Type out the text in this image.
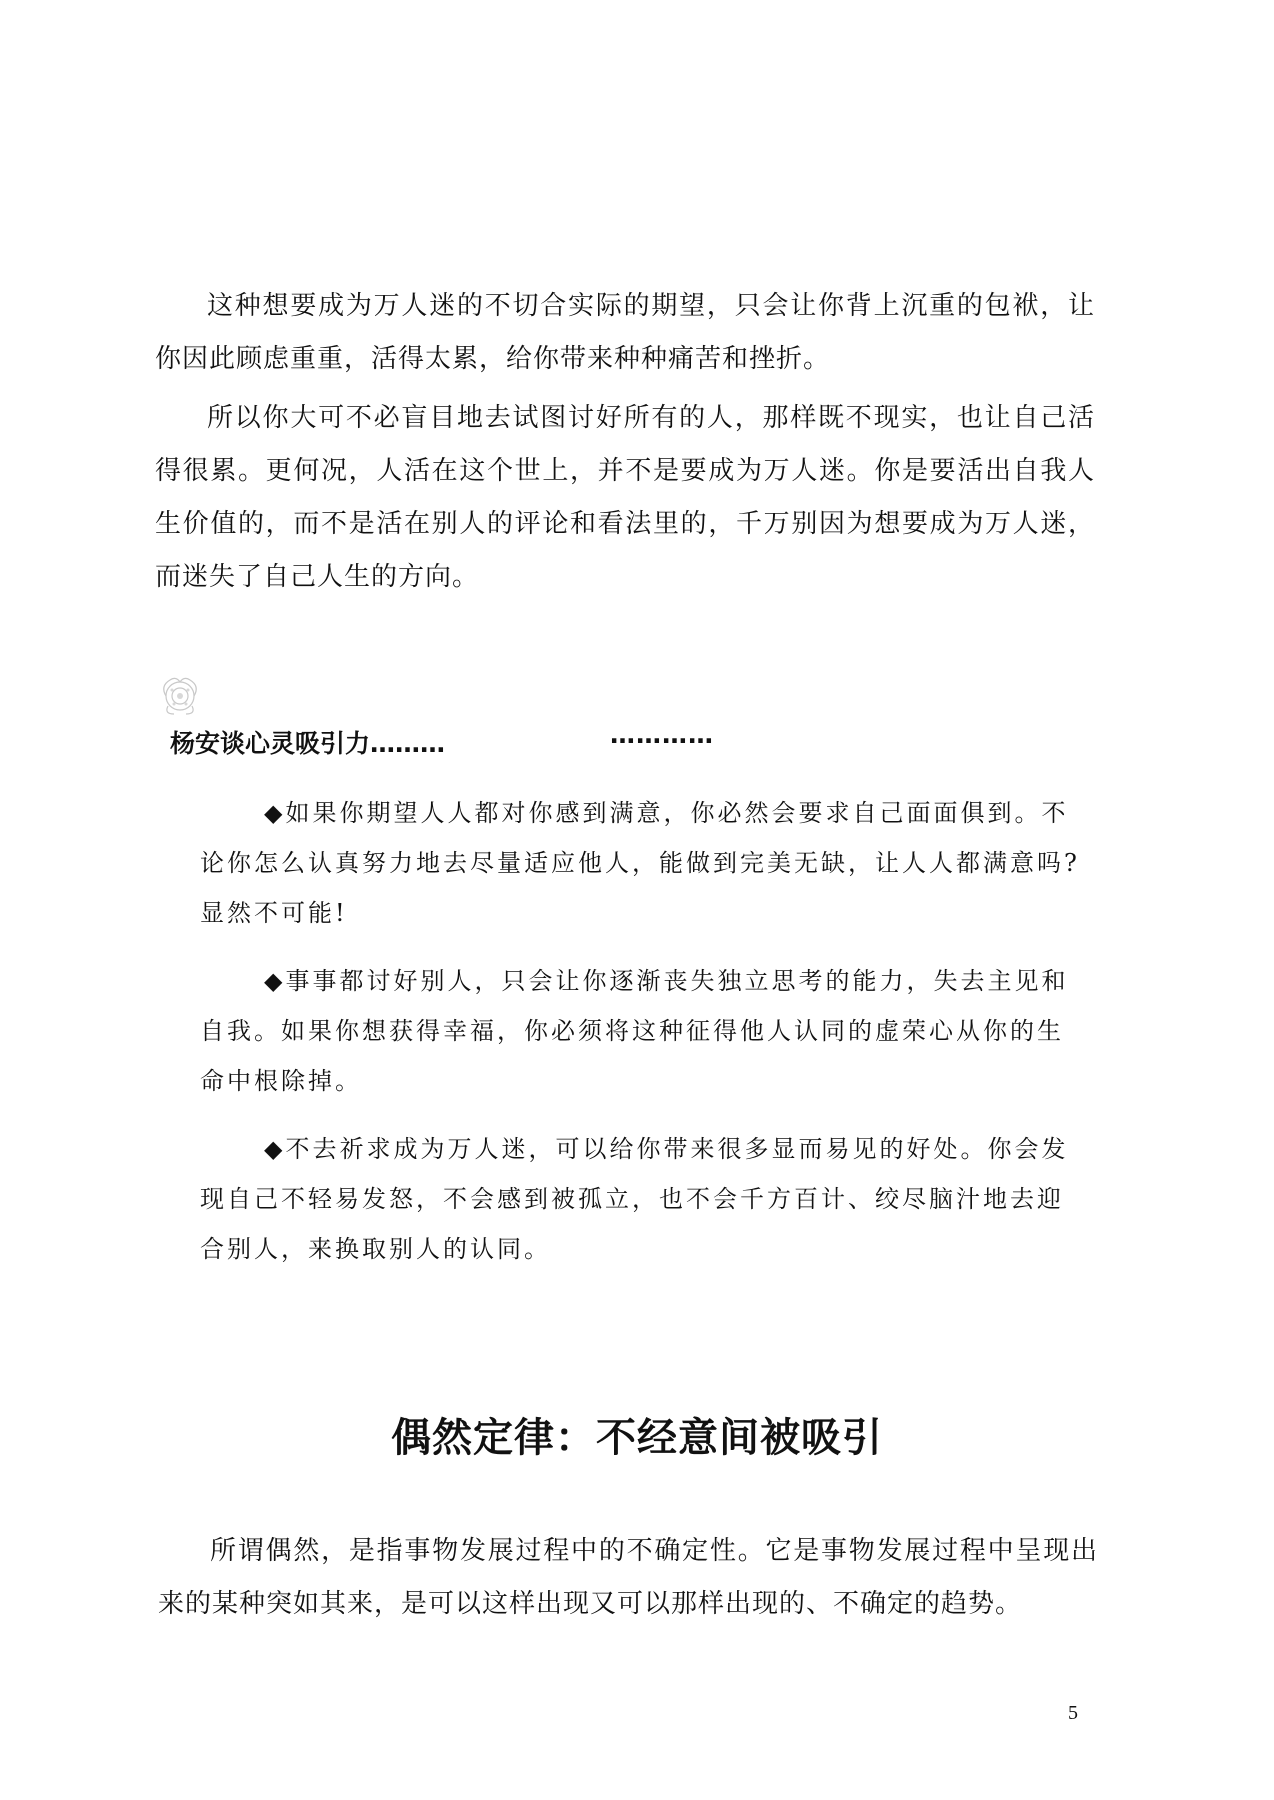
这种想要成为万人迷的不切合实际的期望，只会让你背上沉重的包袱，让你因此顾虑重重，活得太累，给你带来种种痛苦和挫折。

所以你大可不必盲目地去试图讨好所有的人，那样既不现实，也让自己活得很累。更何况，人活在这个世上，并不是要成为万人迷。你是要活出自我人生价值的，而不是活在别人的评论和看法里的，千万别因为想要成为万人迷，而迷失了自己人生的方向。

杨安谈心灵吸引力………	…………

◆如果你期望人人都对你感到满意，你必然会要求自己面面俱到。不论你怎么认真努力地去尽量适应他人，能做到完美无缺，让人人都满意吗?显然不可能!

◆事事都讨好别人，只会让你逐渐丧失独立思考的能力，失去主见和自我。如果你想获得幸福，你必须将这种征得他人认同的虚荣心从你的生命中根除掉。

◆不去祈求成为万人迷，可以给你带来很多显而易见的好处。你会发现自己不轻易发怒，不会感到被孤立，也不会千方百计、绞尽脑汁地去迎合别人，来换取别人的认同。

偶然定律：不经意间被吸引

所谓偶然，是指事物发展过程中的不确定性。它是事物发展过程中呈现出来的某种突如其来，是可以这样出现又可以那样出现的、不确定的趋势。

5
